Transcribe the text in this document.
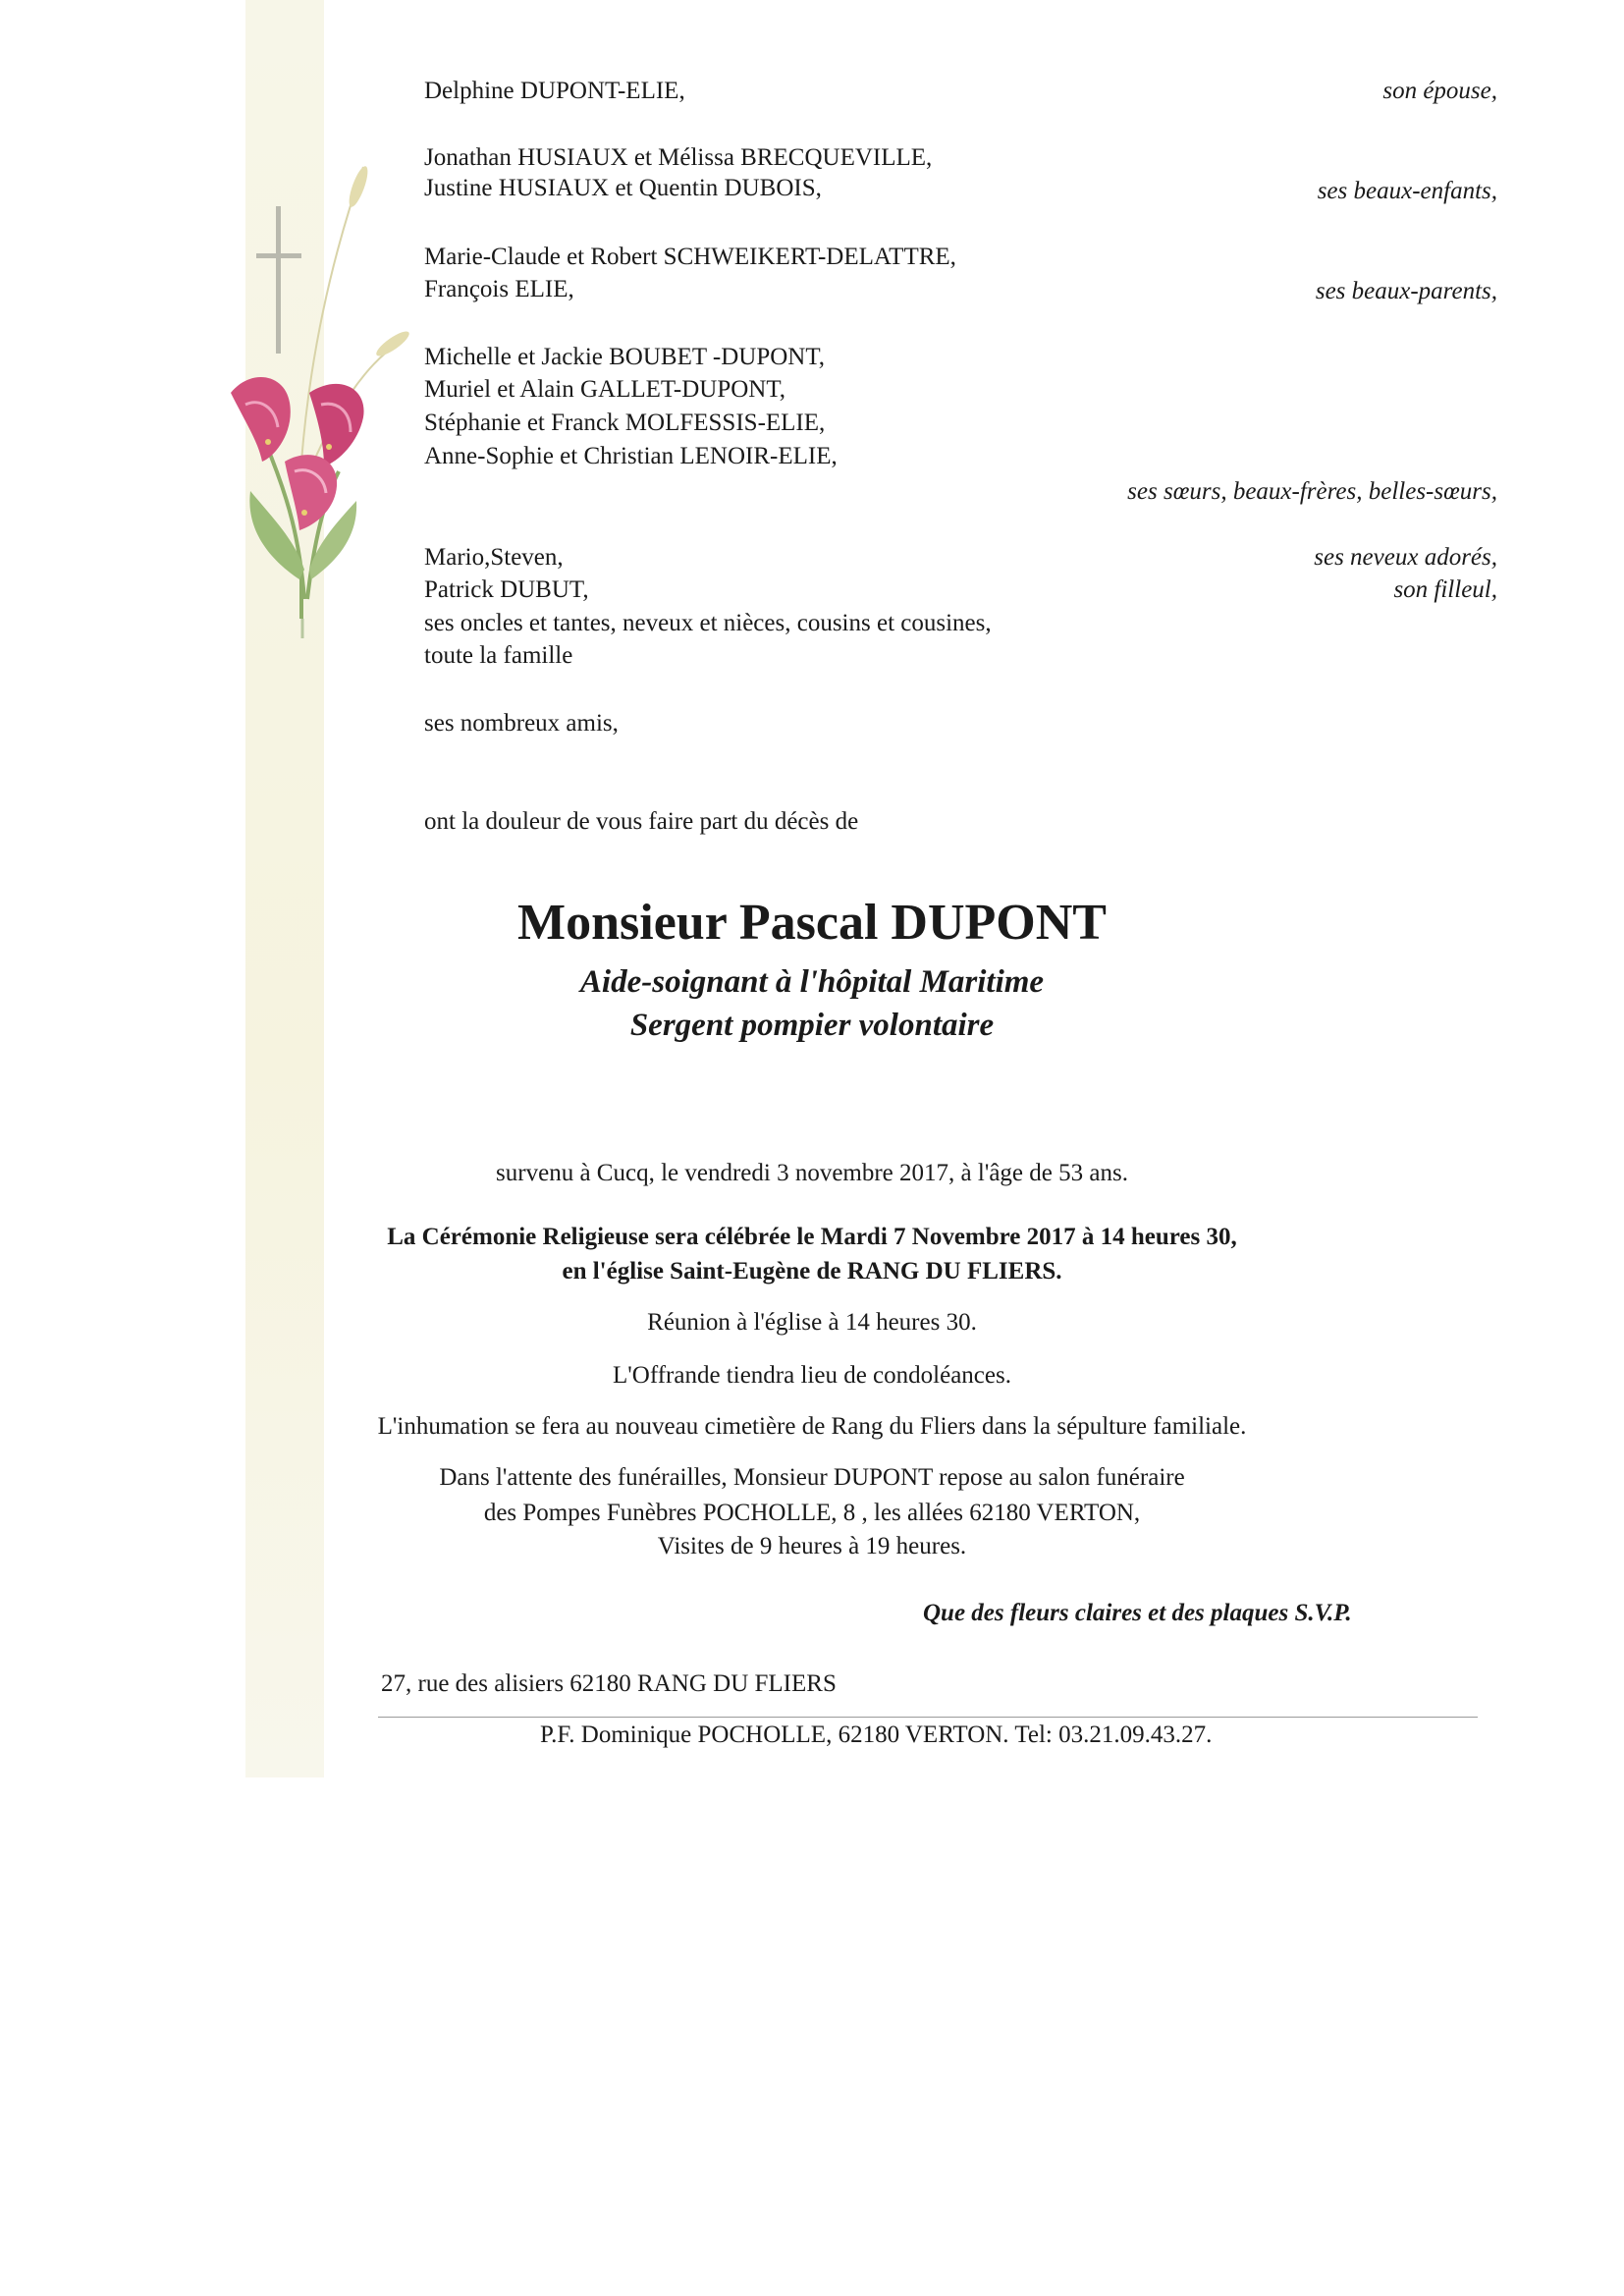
Delphine DUPONT-ELIE,	son épouse,
Jonathan HUSIAUX et Mélissa BRECQUEVILLE,
Justine HUSIAUX et Quentin DUBOIS,	ses beaux-enfants,
Marie-Claude et Robert SCHWEIKERT-DELATTRE,
François ELIE,	ses beaux-parents,
Michelle et Jackie BOUBET -DUPONT,
Muriel et Alain GALLET-DUPONT,
Stéphanie et Franck MOLFESSIS-ELIE,
Anne-Sophie et Christian LENOIR-ELIE,
ses sœurs, beaux-frères, belles-sœurs,
Mario,Steven,	ses neveux adorés,
Patrick DUBUT,	son filleul,
ses oncles et tantes, neveux et nièces, cousins et cousines,
toute la famille
ses nombreux amis,
ont la douleur de vous faire part du décès de
Monsieur Pascal DUPONT
Aide-soignant à l'hôpital Maritime
Sergent pompier volontaire
survenu à Cucq, le vendredi 3 novembre 2017, à l'âge de 53 ans.
La Cérémonie Religieuse sera célébrée le Mardi 7 Novembre 2017 à 14 heures 30,
en l'église Saint-Eugène de RANG DU FLIERS.
Réunion à l'église à 14 heures 30.
L'Offrande tiendra lieu de condoléances.
L'inhumation se fera au nouveau cimetière de Rang du Fliers dans la sépulture familiale.
Dans l'attente des funérailles, Monsieur DUPONT repose au salon funéraire
des Pompes Funèbres POCHOLLE, 8 , les allées 62180 VERTON,
Visites de 9 heures à 19 heures.
Que des fleurs claires et des plaques S.V.P.
27, rue des alisiers 62180 RANG DU FLIERS
P.F. Dominique POCHOLLE, 62180 VERTON. Tel: 03.21.09.43.27.
